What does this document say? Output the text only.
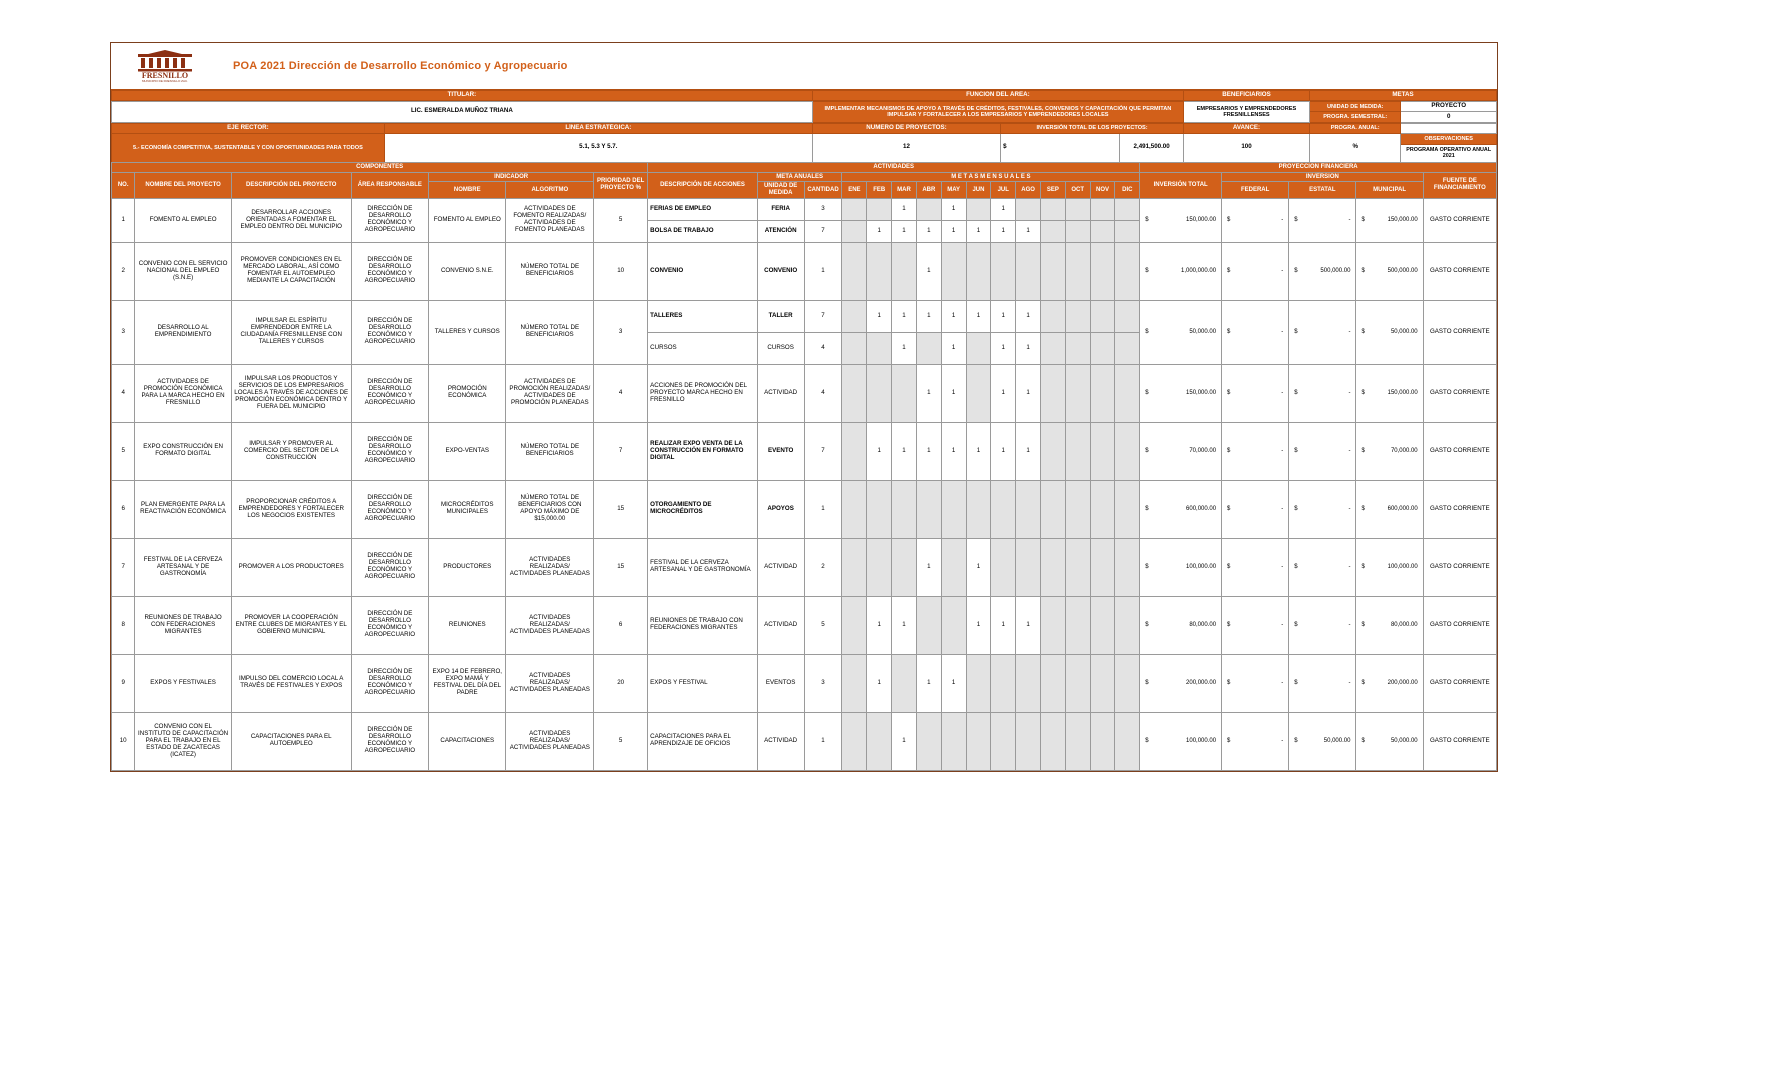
FRESNILLO
MUNICIPIO DE FRESNILLO ZAC.
POA 2021 Dirección de Desarrollo Económico y Agropecuario
TITULAR:	FUNCIÓN DEL ÁREA:	BENEFICIARIOS	METAS
LIC. ESMERALDA MUÑOZ TRIANA	IMPLEMENTAR MECANISMOS DE APOYO A TRAVÉS DE CRÉDITOS, FESTIVALES, CONVENIOS Y CAPACITACIÓN QUE PERMITAN IMPULSAR Y FORTALECER A LOS EMPRESARIOS Y EMPRENDEDORES LOCALES	EMPRESARIOS Y EMPRENDEDORES FRESNILLENSES	UNIDAD DE MEDIDA:	PROYECTO
			PROGRA. SEMESTRAL:	0
EJE RECTOR:	LÍNEA ESTRATÉGICA:	NÚMERO DE PROYECTOS:	INVERSIÓN TOTAL DE LOS PROYECTOS:		AVANCE:	PROGRA. ANUAL:	
5.- ECONOMÍA COMPETITIVA, SUSTENTABLE Y CON OPORTUNIDADES PARA TODOS	5.1, 5.3 Y 5.7.	12	$	2,491,500.00	100	%	OBSERVACIONES
							PROGRAMA OPERATIVO ANUAL 2021

COMPONENTES							ACTIVIDADES															PROYECCIÓN FINANCIERA				
NO.	NOMBRE DEL PROYECTO	DESCRIPCIÓN DEL PROYECTO	ÁREA RESPONSABLE	INDICADOR		PRIORIDAD DEL PROYECTO %	DESCRIPCIÓN DE ACCIONES	META ANUALES		M E T A S M E N S U A L E S												INVERSIÓN TOTAL	INVERSIÓN			FUENTE DE FINANCIAMIENTO
				NOMBRE	ALGORITMO			UNIDAD DE MEDIDA	CANTIDAD	ENE	FEB	MAR	ABR	MAY	JUN	JUL	AGO	SEP	OCT	NOV	DIC		FEDERAL	ESTATAL	MUNICIPAL	
1	FOMENTO AL EMPLEO	DESARROLLAR ACCIONES ORIENTADAS A FOMENTAR EL EMPLEO DENTRO DEL MUNICIPIO	DIRECCIÓN DE DESARROLLO ECONÓMICO Y AGROPECUARIO	FOMENTO AL EMPLEO	ACTIVIDADES DE FOMENTO REALIZADAS/ ACTIVIDADES DE FOMENTO PLANEADAS	5	FERIAS DE EMPLEO	FERIA	3			1		1		1						$ 150,000.00	$ -	$ -	$ 150,000.00	GASTO CORRIENTE
							BOLSA DE TRABAJO	ATENCIÓN	7		1	1	1	1	1	1	1									
2	CONVENIO CON EL SERVICIO NACIONAL DEL EMPLEO (S.N.E)	PROMOVER CONDICIONES EN EL MERCADO LABORAL, ASÍ COMO FOMENTAR EL AUTOEMPLEO MEDIANTE LA CAPACITACIÓN	DIRECCIÓN DE DESARROLLO ECONÓMICO Y AGROPECUARIO	CONVENIO S.N.E.	NÚMERO TOTAL DE BENEFICIARIOS	10	CONVENIO	CONVENIO	1				1									$ 1,000,000.00	$ -	$ 500,000.00	$ 500,000.00	GASTO CORRIENTE
3	DESARROLLO AL EMPRENDIMIENTO	IMPULSAR EL ESPÍRITU EMPRENDEDOR ENTRE LA CIUDADANÍA FRESNILLENSE CON TALLERES Y CURSOS	DIRECCIÓN DE DESARROLLO ECONÓMICO Y AGROPECUARIO	TALLERES Y CURSOS	NÚMERO TOTAL DE BENEFICIARIOS	3	TALLERES	TALLER	7		1	1	1	1	1	1	1					$ 50,000.00	$ -	$ -	$ 50,000.00	GASTO CORRIENTE
							CURSOS	CURSOS	4			1		1		1	1									
4	ACTIVIDADES DE PROMOCIÓN ECONÓMICA PARA LA MARCA HECHO EN FRESNILLO	IMPULSAR LOS PRODUCTOS Y SERVICIOS DE LOS EMPRESARIOS LOCALES A TRAVÉS DE ACCIONES DE PROMOCIÓN ECONÓMICA DENTRO Y FUERA DEL MUNICIPIO	DIRECCIÓN DE DESARROLLO ECONÓMICO Y AGROPECUARIO	PROMOCIÓN ECONÓMICA	ACTIVIDADES DE PROMOCIÓN REALIZADAS/ ACTIVIDADES DE PROMOCIÓN PLANEADAS	4	ACCIONES DE PROMOCIÓN DEL PROYECTO MARCA HECHO EN FRESNILLO	ACTIVIDAD	4				1	1		1	1					$ 150,000.00	$ -	$ -	$ 150,000.00	GASTO CORRIENTE
5	EXPO CONSTRUCCIÓN EN FORMATO DIGITAL	IMPULSAR Y PROMOVER AL COMERCIO DEL SECTOR DE LA CONSTRUCCIÓN	DIRECCIÓN DE DESARROLLO ECONÓMICO Y AGROPECUARIO	EXPO-VENTAS	NÚMERO TOTAL DE BENEFICIARIOS	7	REALIZAR EXPO VENTA DE LA CONSTRUCCIÓN EN FORMATO DIGITAL	EVENTO	7		1	1	1	1	1	1	1					$ 70,000.00	$ -	$ -	$ 70,000.00	GASTO CORRIENTE
6	PLAN EMERGENTE PARA LA REACTIVACIÓN ECONÓMICA	PROPORCIONAR CRÉDITOS A EMPRENDEDORES Y FORTALECER LOS NEGOCIOS EXISTENTES	DIRECCIÓN DE DESARROLLO ECONÓMICO Y AGROPECUARIO	MICROCRÉDITOS MUNICIPALES	NÚMERO TOTAL DE BENEFICIARIOS CON APOYO MÁXIMO DE $15,000.00	15	OTORGAMIENTO DE MICROCRÉDITOS	APOYOS	1													$ 600,000.00	$ -	$ -	$ 600,000.00	GASTO CORRIENTE
7	FESTIVAL DE LA CERVEZA ARTESANAL Y DE GASTRONOMÍA	PROMOVER A LOS PRODUCTORES	DIRECCIÓN DE DESARROLLO ECONÓMICO Y AGROPECUARIO	PRODUCTORES	ACTIVIDADES REALIZADAS/ ACTIVIDADES PLANEADAS	15	FESTIVAL DE LA CERVEZA ARTESANAL Y DE GASTRONOMÍA	ACTIVIDAD	2				1		1							$ 100,000.00	$ -	$ -	$ 100,000.00	GASTO CORRIENTE
8	REUNIONES DE TRABAJO CON FEDERACIONES MIGRANTES	PROMOVER LA COOPERACIÓN ENTRE CLUBES DE MIGRANTES Y EL GOBIERNO MUNICIPAL	DIRECCIÓN DE DESARROLLO ECONÓMICO Y AGROPECUARIO	REUNIONES	ACTIVIDADES REALIZADAS/ ACTIVIDADES PLANEADAS	6	REUNIONES DE TRABAJO CON FEDERACIONES MIGRANTES	ACTIVIDAD	5		1	1			1	1	1					$ 80,000.00	$ -	$ -	$ 80,000.00	GASTO CORRIENTE
9	EXPOS Y FESTIVALES	IMPULSO DEL COMERCIO LOCAL A TRAVÉS DE FESTIVALES Y EXPOS	DIRECCIÓN DE DESARROLLO ECONÓMICO Y AGROPECUARIO	EXPO 14 DE FEBRERO, EXPO MAMÁ Y FESTIVAL DEL DÍA DEL PADRE	ACTIVIDADES REALIZADAS/ ACTIVIDADES PLANEADAS	20	EXPOS Y FESTIVAL	EVENTOS	3		1		1	1								$ 200,000.00	$ -	$ -	$ 200,000.00	GASTO CORRIENTE
10	CONVENIO CON EL INSTITUTO DE CAPACITACIÓN PARA EL TRABAJO EN EL ESTADO DE ZACATECAS (ICATEZ)	CAPACITACIONES PARA EL AUTOEMPLEO	DIRECCIÓN DE DESARROLLO ECONÓMICO Y AGROPECUARIO	CAPACITACIONES	ACTIVIDADES REALIZADAS/ ACTIVIDADES PLANEADAS	5	CAPACITACIONES PARA EL APRENDIZAJE DE OFICIOS	ACTIVIDAD	1			1										$ 100,000.00	$ -	$ 50,000.00	$ 50,000.00	GASTO CORRIENTE
